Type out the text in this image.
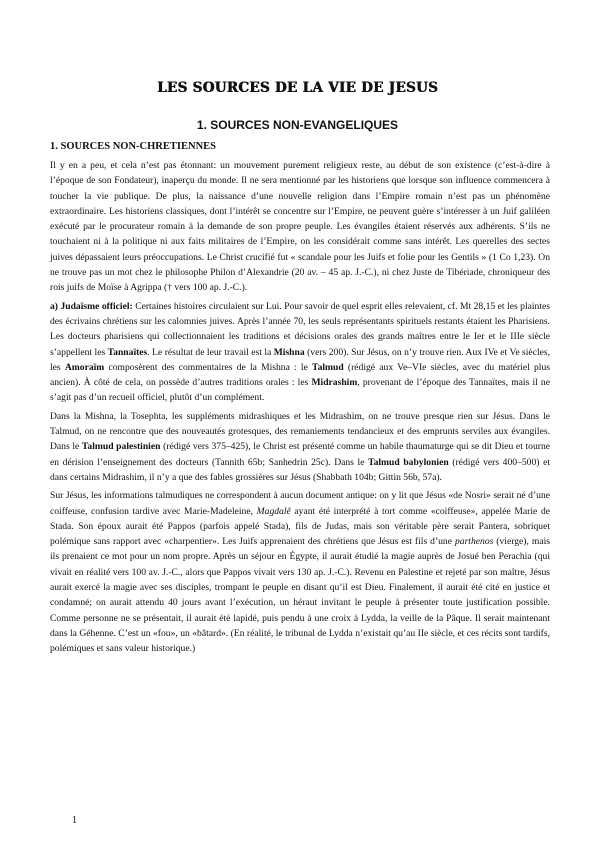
LES SOURCES DE LA VIE DE JESUS
1. SOURCES NON-EVANGELIQUES
1. SOURCES NON-CHRETIENNES

Il y en a peu, et cela n’est pas étonnant: un mouvement purement religieux reste, au début de son existence (c’est-à-dire à l’époque de son Fondateur), inaperçu du monde. Il ne sera mentionné par les historiens que lorsque son influence commencera à toucher la vie publique. De plus, la naissance d’une nouvelle religion dans l’Empire romain n’est pas un phénomène extraordinaire. Les historiens classiques, dont l’intérêt se concentre sur l’Empire, ne peuvent guère s’intéresser à un Juif galiléen exécuté par le procurateur romain à la demande de son propre peuple. Les évangiles étaient réservés aux adhérents. S’ils ne touchaient ni à la politique ni aux faits militaires de l’Empire, on les considérait comme sans intérêt. Les querelles des sectes juives dépassaient leurs préoccupations. Le Christ crucifié fut « scandale pour les Juifs et folie pour les Gentils » (1 Co 1,23). On ne trouve pas un mot chez le philosophe Philon d’Alexandrie (20 av. – 45 ap. J.-C.), ni chez Juste de Tibériade, chroniqueur des rois juifs de Moïse à Agrippa († vers 100 ap. J.-C.).

a) Judaïsme officiel: Certaines histoires circulaient sur Lui. Pour savoir de quel esprit elles relevaient, cf. Mt 28,15 et les plaintes des écrivains chrétiens sur les calomnies juives. Après l’année 70, les seuls représentants spirituels restants étaient les Pharisiens. Les docteurs pharisiens qui collectionnaient les traditions et décisions orales des grands maîtres entre le Ier et le IIIe siècle s’appellent les Tannaïtes. Le résultat de leur travail est la Mishna (vers 200). Sur Jésus, on n’y trouve rien. Aux IVe et Ve siècles, les Amoraïm composèrent des commentaires de la Mishna : le Talmud (rédigé aux Ve–VIe siècles, avec du matériel plus ancien). À côté de cela, on possède d’autres traditions orales : les Midrashim, provenant de l’époque des Tannaïtes, mais il ne s’agit pas d’un recueil officiel, plutôt d’un complément.

Dans la Mishna, la Tosephta, les suppléments midrashiques et les Midrashim, on ne trouve presque rien sur Jésus. Dans le Talmud, on ne rencontre que des nouveautés grotesques, des remaniements tendancieux et des emprunts serviles aux évangiles. Dans le Talmud palestinien (rédigé vers 375–425), le Christ est présenté comme un habile thaumaturge qui se dit Dieu et tourne en dérision l’enseignement des docteurs (Tannith 65b; Sanhedrin 25c). Dans le Talmud babylonien (rédigé vers 400–500) et dans certains Midrashim, il n’y a que des fables grossières sur Jésus (Shabbath 104b; Gittin 56b, 57a).

Sur Jésus, les informations talmudiques ne correspondent à aucun document antique: on y lit que Jésus «de Nosri» serait né d’une coiffeuse, confusion tardive avec Marie-Madeleine, Magdalê ayant été interprété à tort comme «coiffeuse», appelée Marie de Stada. Son époux aurait été Pappos (parfois appelé Stada), fils de Judas, mais son véritable père serait Pantera, sobriquet polémique sans rapport avec «charpentier». Les Juifs apprenaient des chrétiens que Jésus est fils d’une parthenos (vierge), mais ils prenaient ce mot pour un nom propre. Après un séjour en Égypte, il aurait étudié la magie auprès de Josué ben Perachia (qui vivait en réalité vers 100 av. J.-C., alors que Pappos vivait vers 130 ap. J.-C.). Revenu en Palestine et rejeté par son maître, Jésus aurait exercé la magie avec ses disciples, trompant le peuple en disant qu’il est Dieu. Finalement, il aurait été cité en justice et condamné; on aurait attendu 40 jours avant l’exécution, un héraut invitant le peuple à présenter toute justification possible. Comme personne ne se présentait, il aurait été lapidé, puis pendu à une croix à Lydda, la veille de la Pâque. Il serait maintenant dans la Géhenne. C’est un «fou», un «bâtard». (En réalité, le tribunal de Lydda n’existait qu’au IIe siècle, et ces récits sont tardifs, polémiques et sans valeur historique.)

1
